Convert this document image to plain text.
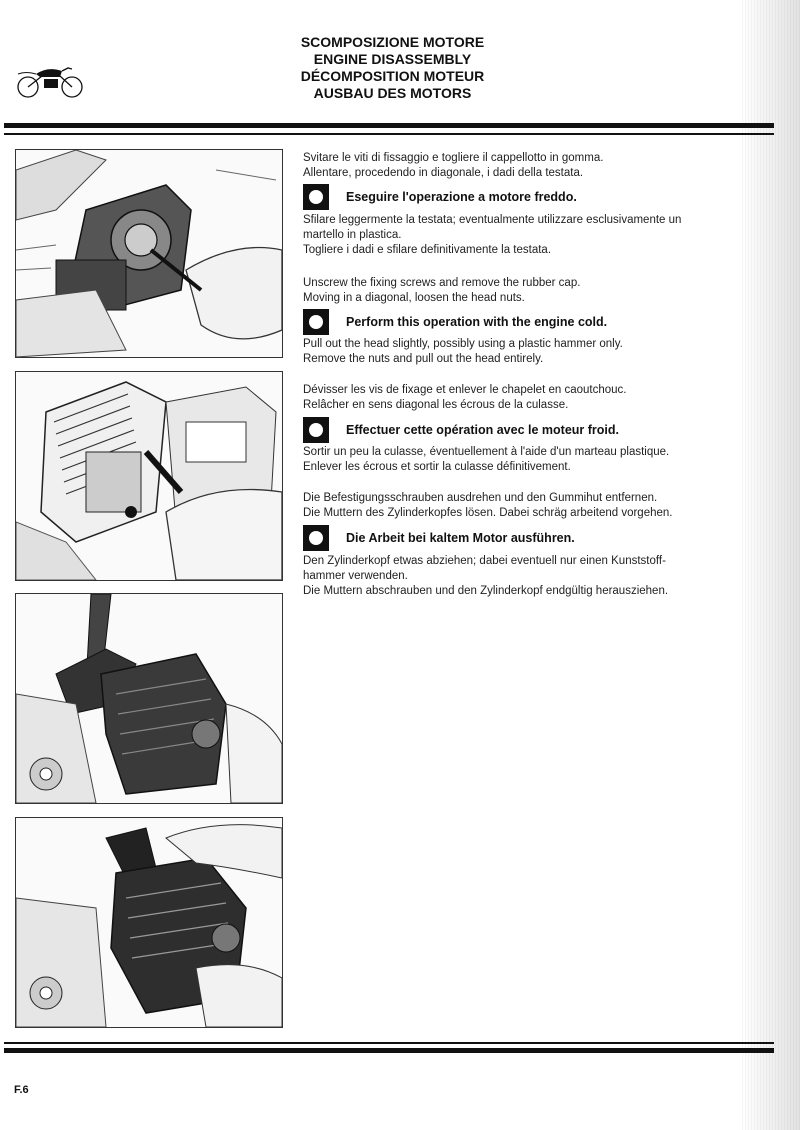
SCOMPOSIZIONE MOTORE
ENGINE DISASSEMBLY
DÉCOMPOSITION MOTEUR
AUSBAU DES MOTORS

Svitare le viti di fissaggio e togliere il cappellotto in gomma.

Allentare, procedendo in diagonale, i dadi della testata.

Eseguire l'operazione a motore freddo.

Sfilare leggermente la testata; eventualmente utilizzare esclusivamente un

martello in plastica.

Togliere i dadi e sfilare definitivamente la testata.

Unscrew the fixing screws and remove the rubber cap.

Moving in a diagonal, loosen the head nuts.

Perform this operation with the engine cold.

Pull out the head slightly, possibly using a plastic hammer only.

Remove the nuts and pull out the head entirely.

Dévisser les vis de fixage et enlever le chapelet en caoutchouc.

Relâcher en sens diagonal les écrous de la culasse.

Effectuer cette opération avec le moteur froid.

Sortir un peu la culasse, éventuellement à l'aide d'un marteau plastique.

Enlever les écrous et sortir la culasse définitivement.

Die Befestigungsschrauben ausdrehen und den Gummihut entfernen.

Die Muttern des Zylinderkopfes lösen. Dabei schräg arbeitend vorgehen.

Die Arbeit bei kaltem Motor ausführen.

Den Zylinderkopf etwas abziehen; dabei eventuell nur einen Kunststoff-

hammer verwenden.

Die Muttern abschrauben und den Zylinderkopf endgültig herausziehen.

F.6
